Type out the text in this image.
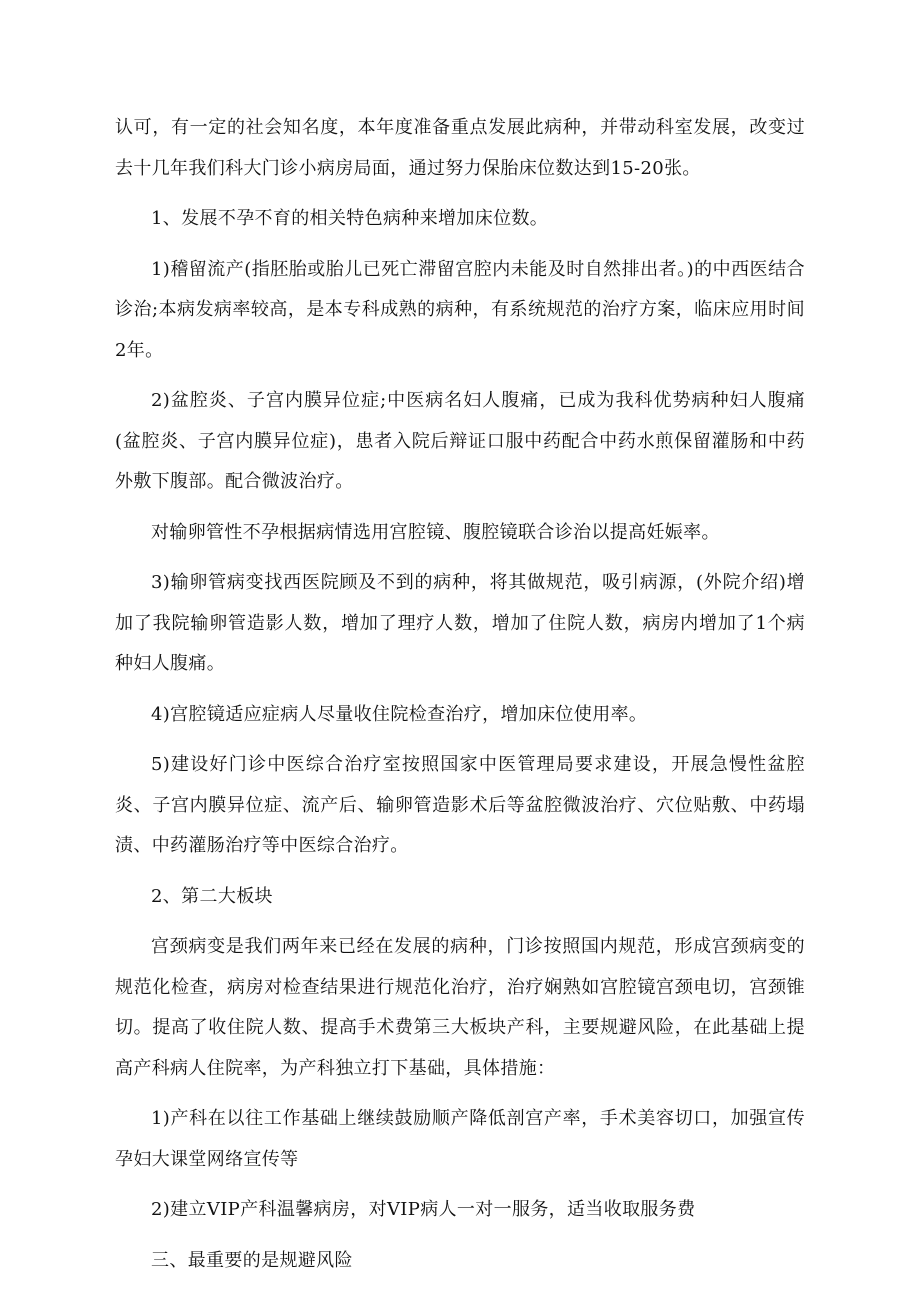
认可，有一定的社会知名度，本年度准备重点发展此病种，并带动科室发展，改变过去十几年我们科大门诊小病房局面，通过努力保胎床位数达到15-20张。

1、发展不孕不育的相关特色病种来增加床位数。

1)稽留流产(指胚胎或胎儿已死亡滞留宫腔内未能及时自然排出者。)的中西医结合诊治;本病发病率较高，是本专科成熟的病种，有系统规范的治疗方案，临床应用时间2年。

2)盆腔炎、子宫内膜异位症;中医病名妇人腹痛，已成为我科优势病种妇人腹痛(盆腔炎、子宫内膜异位症)，患者入院后辩证口服中药配合中药水煎保留灌肠和中药外敷下腹部。配合微波治疗。

对输卵管性不孕根据病情选用宫腔镜、腹腔镜联合诊治以提高妊娠率。

3)输卵管病变找西医院顾及不到的病种，将其做规范，吸引病源，(外院介绍)增加了我院输卵管造影人数，增加了理疗人数，增加了住院人数，病房内增加了1个病种妇人腹痛。

4)宫腔镜适应症病人尽量收住院检查治疗，增加床位使用率。

5)建设好门诊中医综合治疗室按照国家中医管理局要求建设，开展急慢性盆腔炎、子宫内膜异位症、流产后、输卵管造影术后等盆腔微波治疗、穴位贴敷、中药塌渍、中药灌肠治疗等中医综合治疗。

2、第二大板块

宫颈病变是我们两年来已经在发展的病种，门诊按照国内规范，形成宫颈病变的规范化检查，病房对检查结果进行规范化治疗，治疗娴熟如宫腔镜宫颈电切，宫颈锥切。提高了收住院人数、提高手术费第三大板块产科，主要规避风险，在此基础上提高产科病人住院率，为产科独立打下基础，具体措施：

1)产科在以往工作基础上继续鼓励顺产降低剖宫产率，手术美容切口，加强宣传孕妇大课堂网络宣传等

2)建立VIP产科温馨病房，对VIP病人一对一服务，适当收取服务费

三、最重要的是规避风险
